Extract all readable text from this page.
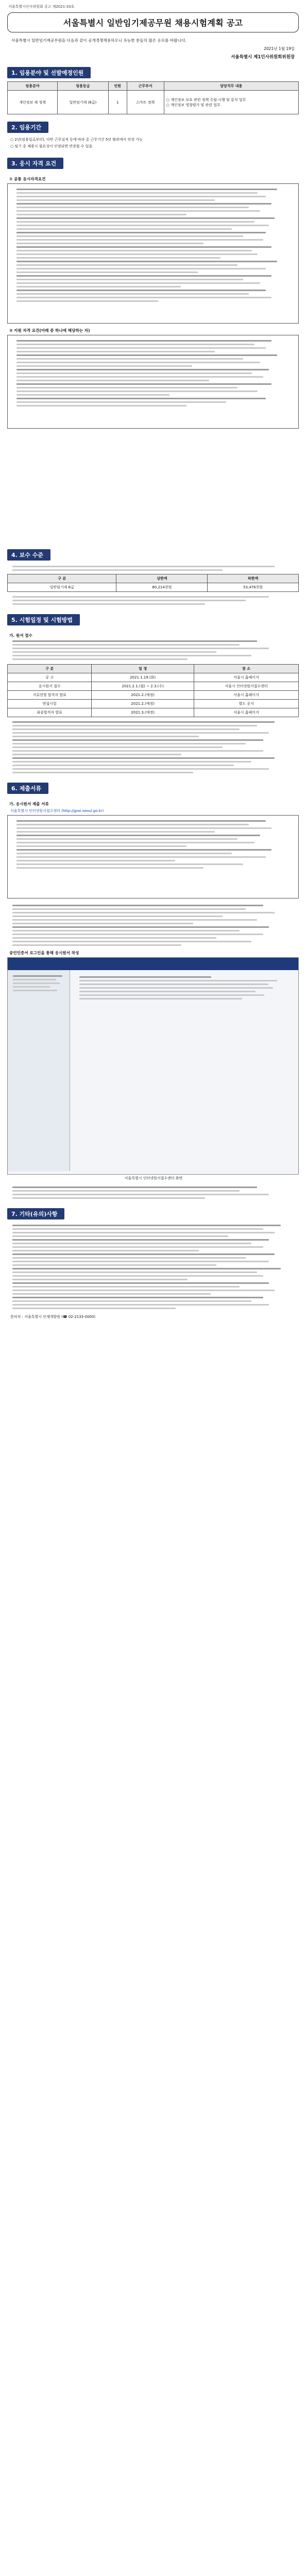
서울특별시인사위원회 공고 제2021-33호
서울특별시 일반임기제공무원 채용시험계획 공고
서울특별시 일반임기제공무원을 다음과 같이 공개경쟁채용하오니 유능한 분들의 많은 응모를 바랍니다.
2021년 1월 19일
서울특별시 제1인사위원회위원장
1. 임용분야 및 선발예정인원
임용분야	임용등급	인원	근무부서	담당직무 내용
개인정보 제 정책	일반임기제 (6급)	1	스마트 정책	○ 개인정보 보호 관련 정책 수립·시행 및 분석 업무
○ 개인정보 영향평가 및 관련 업무
2. 임용기간
○ 2년(임용일로부터), 다만 근무실적 등에 따라 총 근무기간 5년 범위에서 연장 가능
○ 임기 중 채용시 필요성이 인정되면 연장될 수 있음
3. 응시 자격 요건
① 공통 응시자격요건
② 지원 자격 요건(아래 중 하나에 해당하는 자)
4. 보수 수준
구 분	상한액	하한액
일반임기제 6급	80,214천원	53,476천원
5. 시험일정 및 시험방법
가. 원서 접수
구 분	일 정	장 소
공 고	2021.1.19.(화)	서울시 홈페이지
응시원서 접수	2021.2.1.(월) ~ 2.3.(수)	서울시 인터넷원서접수센터
서류전형 합격자 발표	2021.2.(예정)	서울시 홈페이지
면접시험	2021.2.(예정)	별도 공지
최종합격자 발표	2021.3.(예정)	서울시 홈페이지
6. 제출서류
가. 응시원서 제출 서류
서울특별시 인터넷원서접수센터 (http://gosi.seoul.go.kr)
공인인증서 로그인을 통해 응시원서 작성
서울특별시 인터넷원서접수센터 화면
7. 기타(유의)사항
문의처 : 서울특별시 인재개발원 (☎ 02-2133-0000)
